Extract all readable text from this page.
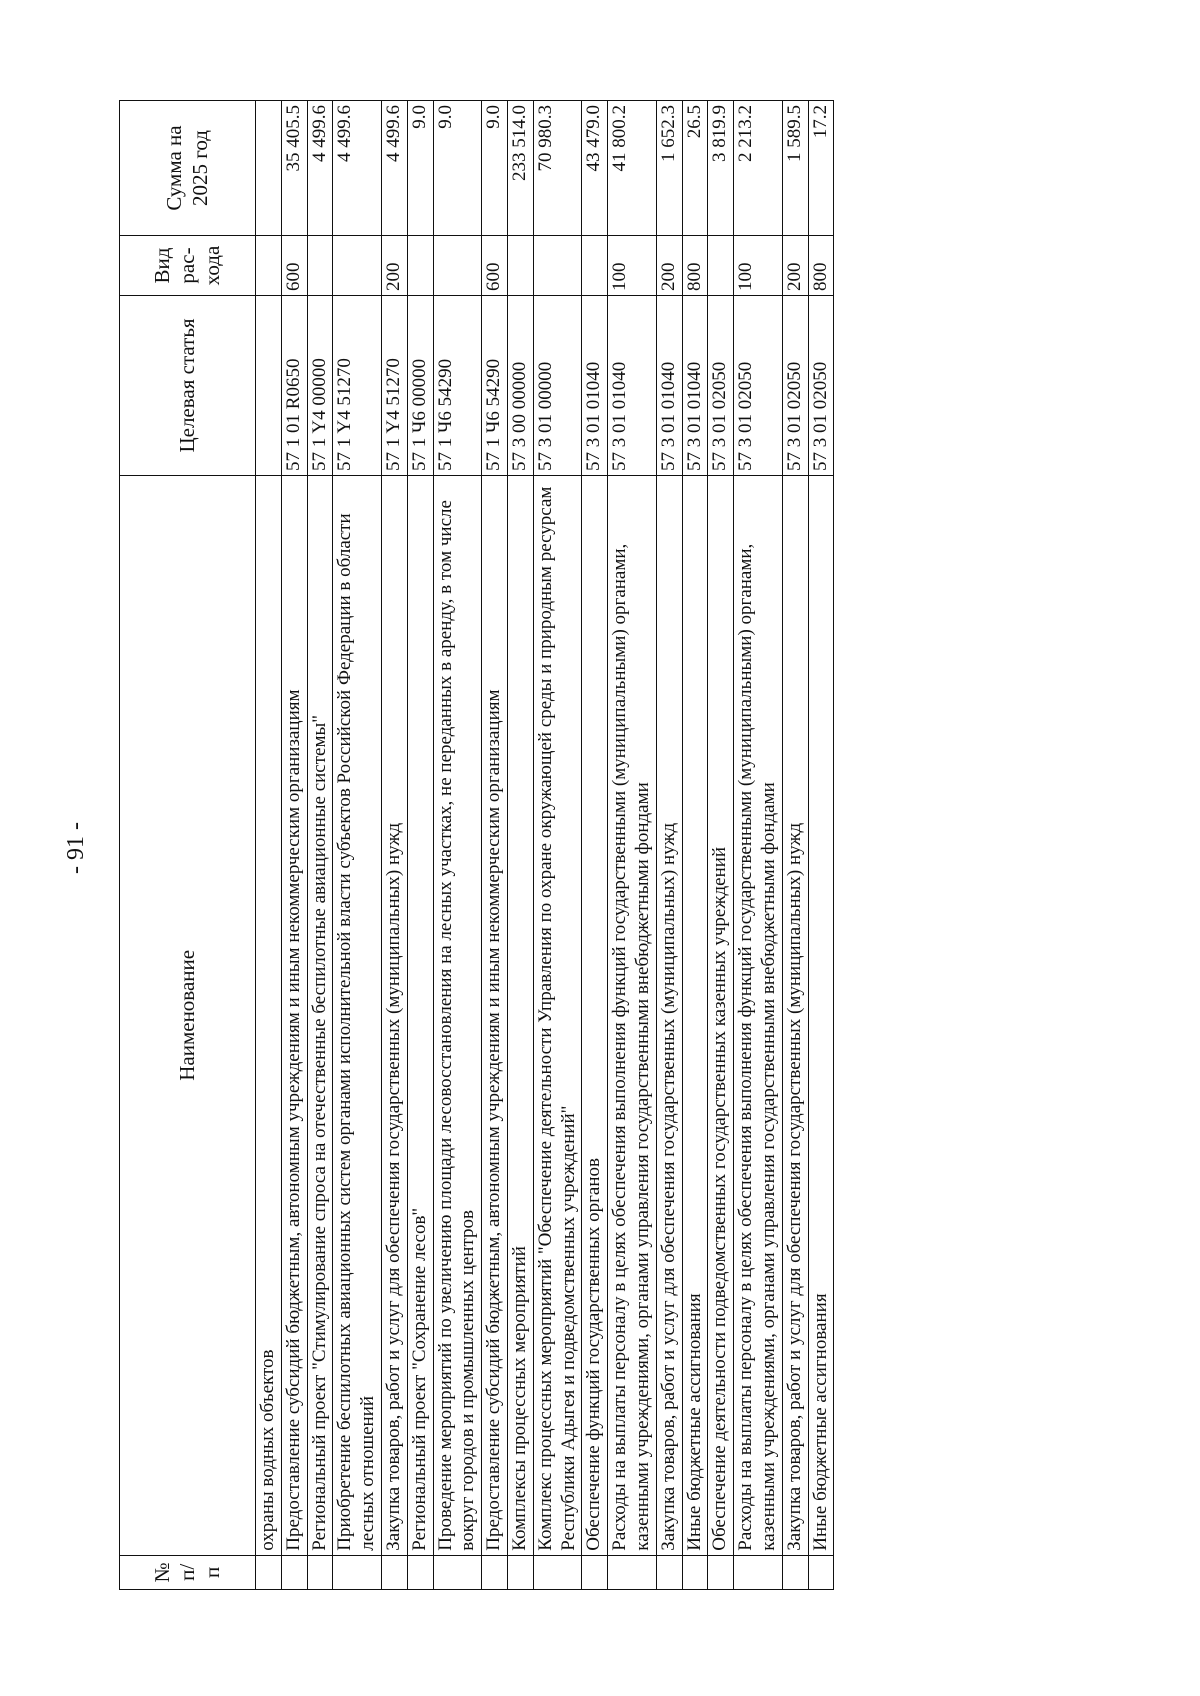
- 91 -
№ п/п	Наименование	Целевая статья	Вид рас-хода	Сумма на 2025 год
	охраны водных объектов			
	Предоставление субсидий бюджетным, автономным учреждениям и иным некоммерческим организациям	57 1 01 R0650	600	35 405.5
	Региональный проект "Стимулирование спроса на отечественные беспилотные авиационные системы"	57 1 Y4 00000		4 499.6
	Приобретение беспилотных авиационных систем органами исполнительной власти субъектов Российской Федерации в области лесных отношений	57 1 Y4 51270		4 499.6
	Закупка товаров, работ и услуг для обеспечения государственных (муниципальных) нужд	57 1 Y4 51270	200	4 499.6
	Региональный проект "Сохранение лесов"	57 1 Ч6 00000		9.0
	Проведение мероприятий по увеличению площади лесовосстановления на лесных участках, не переданных в аренду, в том числе вокруг городов и промышленных центров	57 1 Ч6 54290		9.0
	Предоставление субсидий бюджетным, автономным учреждениям и иным некоммерческим организациям	57 1 Ч6 54290	600	9.0
	Комплексы процессных мероприятий	57 3 00 00000		233 514.0
	Комплекс процессных мероприятий "Обеспечение деятельности Управления по охране окружающей среды и природным ресурсам Республики Адыгея и подведомственных учреждений"	57 3 01 00000		70 980.3
	Обеспечение функций государственных органов	57 3 01 01040		43 479.0
	Расходы на выплаты персоналу в целях обеспечения выполнения функций государственными (муниципальными) органами, казенными учреждениями, органами управления государственными внебюджетными фондами	57 3 01 01040	100	41 800.2
	Закупка товаров, работ и услуг для обеспечения государственных (муниципальных) нужд	57 3 01 01040	200	1 652.3
	Иные бюджетные ассигнования	57 3 01 01040	800	26.5
	Обеспечение деятельности подведомственных государственных казенных учреждений	57 3 01 02050		3 819.9
	Расходы на выплаты персоналу в целях обеспечения выполнения функций государственными (муниципальными) органами, казенными учреждениями, органами управления государственными внебюджетными фондами	57 3 01 02050	100	2 213.2
	Закупка товаров, работ и услуг для обеспечения государственных (муниципальных) нужд	57 3 01 02050	200	1 589.5
	Иные бюджетные ассигнования	57 3 01 02050	800	17.2
